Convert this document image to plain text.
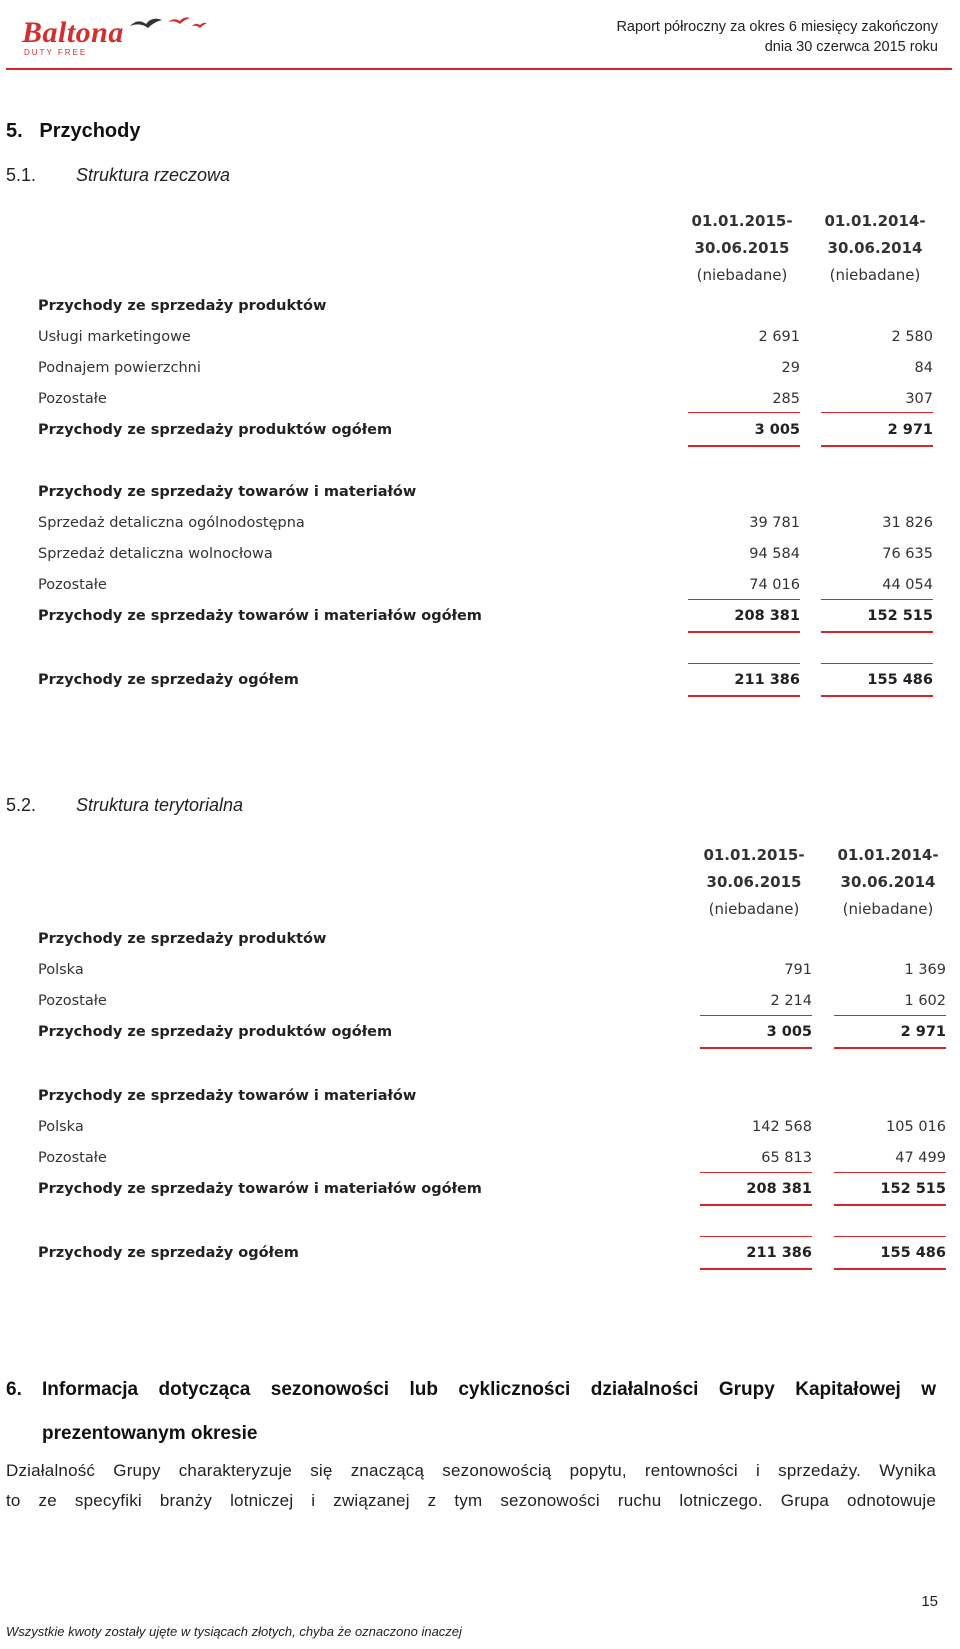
Baltona
DUTY FREE
Raport półroczny za okres 6 miesięcy zakończony
dnia 30 czerwca 2015 roku
5.   Przychody
5.1. Struktura rzeczowa
01.01.2015-
30.06.2015
(niebadane)
01.01.2014-
30.06.2014
(niebadane)
Przychody ze sprzedaży produktów
Usługi marketingowe	2 691	2 580
Podnajem powierzchni	29	84
Pozostałe	285	307
Przychody ze sprzedaży produktów ogółem	3 005	2 971
Przychody ze sprzedaży towarów i materiałów
Sprzedaż detaliczna ogólnodostępna	39 781	31 826
Sprzedaż detaliczna wolnocłowa	94 584	76 635
Pozostałe	74 016	44 054
Przychody ze sprzedaży towarów i materiałów ogółem	208 381	152 515
Przychody ze sprzedaży ogółem	211 386	155 486
5.2. Struktura terytorialna
01.01.2015-
30.06.2015
(niebadane)
01.01.2014-
30.06.2014
(niebadane)
Przychody ze sprzedaży produktów
Polska	791	1 369
Pozostałe	2 214	1 602
Przychody ze sprzedaży produktów ogółem	3 005	2 971
Przychody ze sprzedaży towarów i materiałów
Polska	142 568	105 016
Pozostałe	65 813	47 499
Przychody ze sprzedaży towarów i materiałów ogółem	208 381	152 515
Przychody ze sprzedaży ogółem	211 386	155 486
6.	Informacja dotycząca sezonowości lub cykliczności działalności Grupy Kapitałowej w prezentowanym okresie
Działalność Grupy charakteryzuje się znaczącą sezonowością popytu, rentowności i sprzedaży. Wynika
to ze specyfiki branży lotniczej i związanej z tym sezonowości ruchu lotniczego. Grupa odnotowuje
15
Wszystkie kwoty zostały ujęte w tysiącach złotych, chyba że oznaczono inaczej
